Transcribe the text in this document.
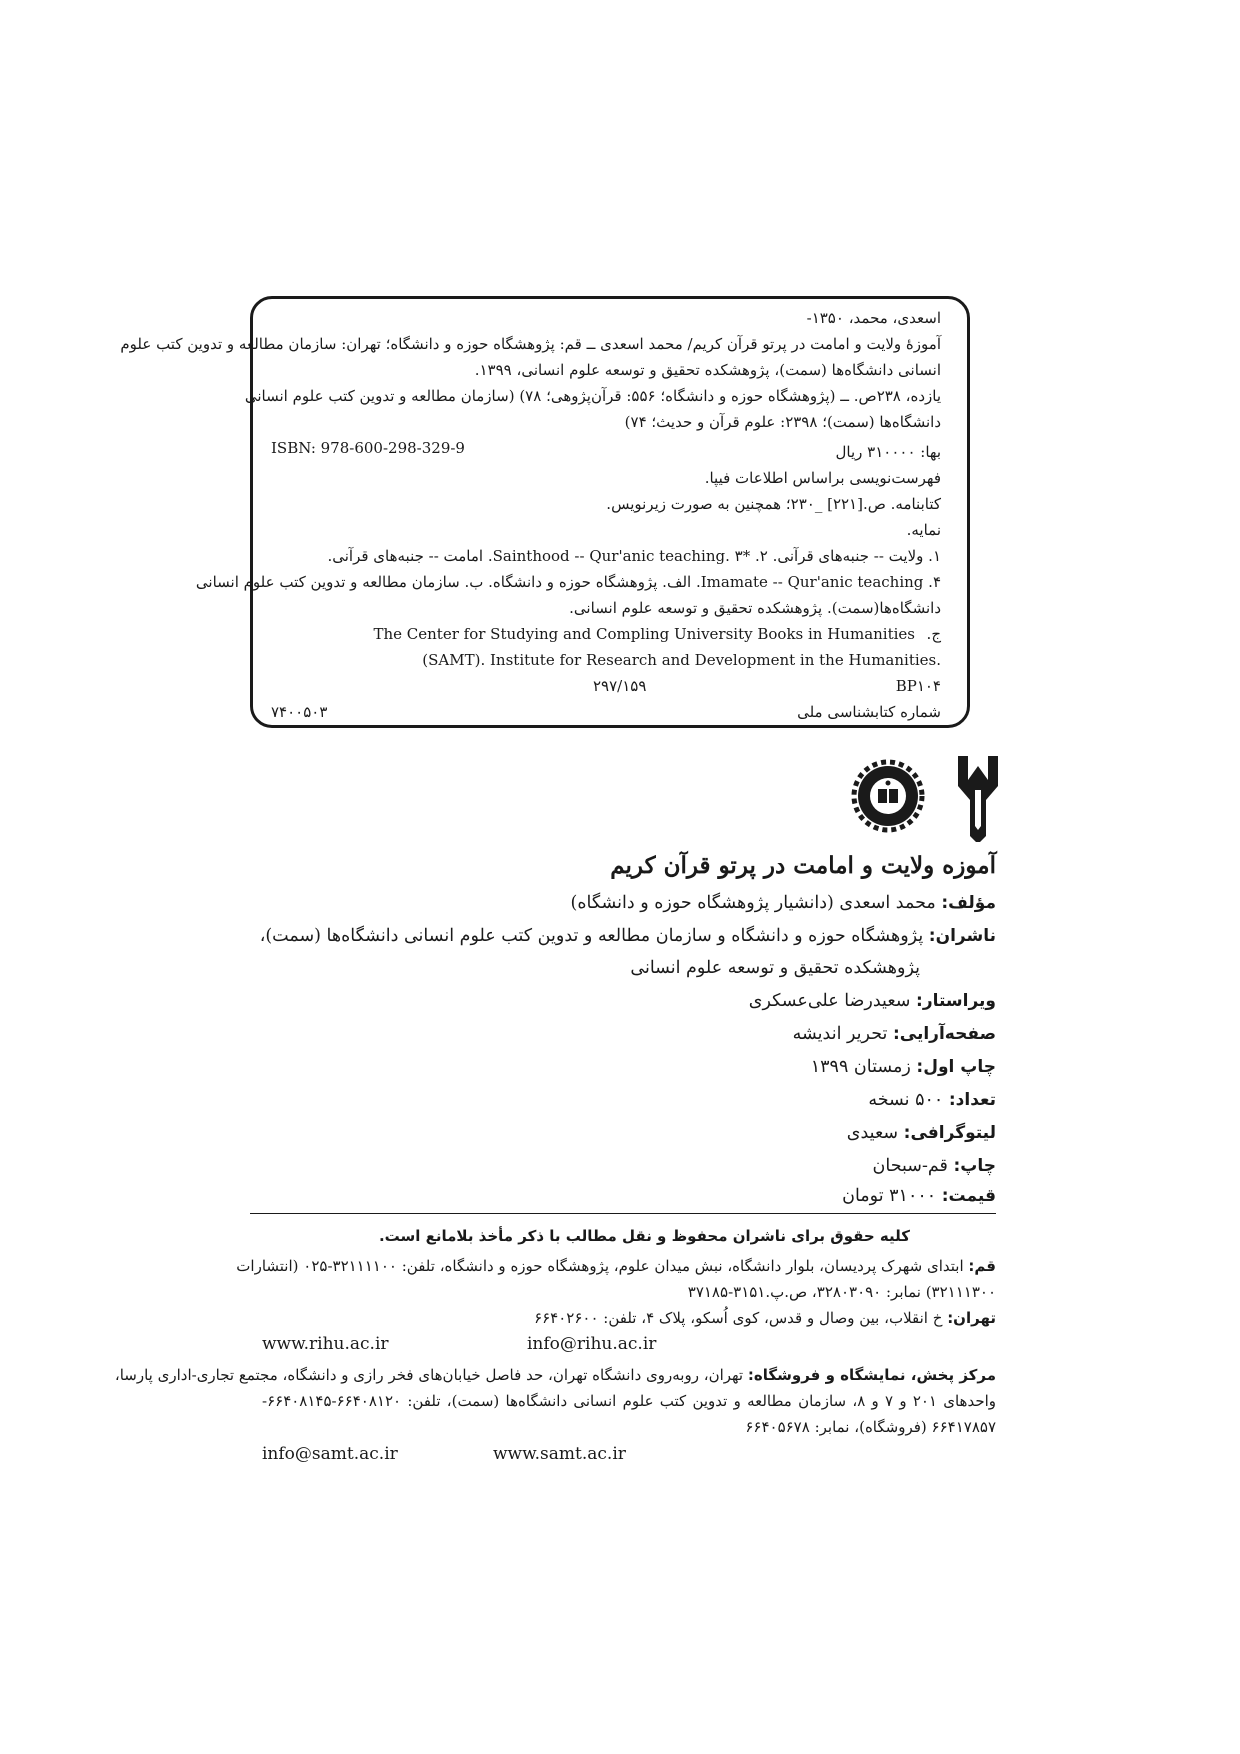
اسعدی، محمد، ۱۳۵۰-
آموزۀ ولایت و امامت در پرتو قرآن کریم/ محمد اسعدی ــ قم: پژوهشگاه حوزه و دانشگاه؛ تهران: سازمان مطالعه و تدوین کتب علوم
انسانی دانشگاه‌ها (سمت)، پژوهشکده تحقیق و توسعه علوم انسانی، ۱۳۹۹.
یازده، ۲۳۸ص. ــ (پژوهشگاه حوزه و دانشگاه؛ ۵۵۶: قرآن‌پژوهی؛ ۷۸) (سازمان مطالعه و تدوین کتب علوم انسانی
دانشگاه‌ها (سمت)؛ ۲۳۹۸: علوم قرآن و حدیث؛ ۷۴)
ISBN: 978-600-298-329-9	بها: ۳۱۰۰۰۰ ریال
فهرست‌نویسی براساس اطلاعات فیپا.
کتابنامه. ص.[۲۲۱] _۲۳۰؛ همچنین به صورت زیرنویس.
نمایه.
۱. ولایت -- جنبه‌های قرآنی. ۲. *Sainthood -- Qur'anic teaching. ۳. امامت -- جنبه‌های قرآنی.
۴. Imamate -- Qur'anic teaching. الف. پژوهشگاه حوزه و دانشگاه. ب. سازمان مطالعه و تدوین کتب علوم انسانی
دانشگاه‌ها(سمت). پژوهشکده تحقیق و توسعه علوم انسانی.
ج.
The Center for Studying and Compling University Books in Humanities
(SAMT). Institute for Research and Development in the Humanities.
BP۱۰۴
۲۹۷/۱۵۹
شماره کتابشناسی ملی
۷۴۰۰۵۰۳
آموزه ولایت و امامت در پرتو قرآن کریم
مؤلف: محمد اسعدی (دانشیار پژوهشگاه حوزه و دانشگاه)
ناشران: پژوهشگاه حوزه و دانشگاه و سازمان مطالعه و تدوین کتب علوم انسانی دانشگاه‌ها (سمت)،
پژوهشکده تحقیق و توسعه علوم انسانی
ویراستار: سعیدرضا علی‌عسکری
صفحه‌آرایی: تحریر اندیشه
چاپ اول: زمستان ۱۳۹۹
تعداد: ۵۰۰ نسخه
لیتوگرافی: سعیدی
چاپ: قم-سبحان
قیمت: ۳۱۰۰۰ تومان
کلیه حقوق برای ناشران محفوظ و نقل مطالب با ذکر مأخذ بلامانع است.
قم: ابتدای شهرک پردیسان، بلوار دانشگاه، نبش میدان علوم، پژوهشگاه حوزه و دانشگاه، تلفن: ۳۲۱۱۱۱۰۰-۰۲۵ (انتشارات
۳۲۱۱۱۳۰۰) نمابر: ۳۲۸۰۳۰۹۰، ص.پ.۳۱۵۱-۳۷۱۸۵
تهران: خ انقلاب، بین وصال و قدس، کوی اُسکو، پلاک ۴، تلفن: ۶۶۴۰۲۶۰۰
info@rihu.ac.ir
www.rihu.ac.ir
مرکز پخش، نمایشگاه و فروشگاه: تهران، روبه‌روی دانشگاه تهران، حد فاصل خیابان‌های فخر رازی و دانشگاه، مجتمع تجاری-اداری پارسا،
واحدهای ۲۰۱ و ۷ و ۸، سازمان مطالعه و تدوین کتب علوم انسانی دانشگاه‌ها (سمت)، تلفن: ۶۶۴۰۸۱۲۰-۶۶۴۰۸۱۴۵-
۶۶۴۱۷۸۵۷ (فروشگاه)، نمابر: ۶۶۴۰۵۶۷۸
www.samt.ac.ir
info@samt.ac.ir
